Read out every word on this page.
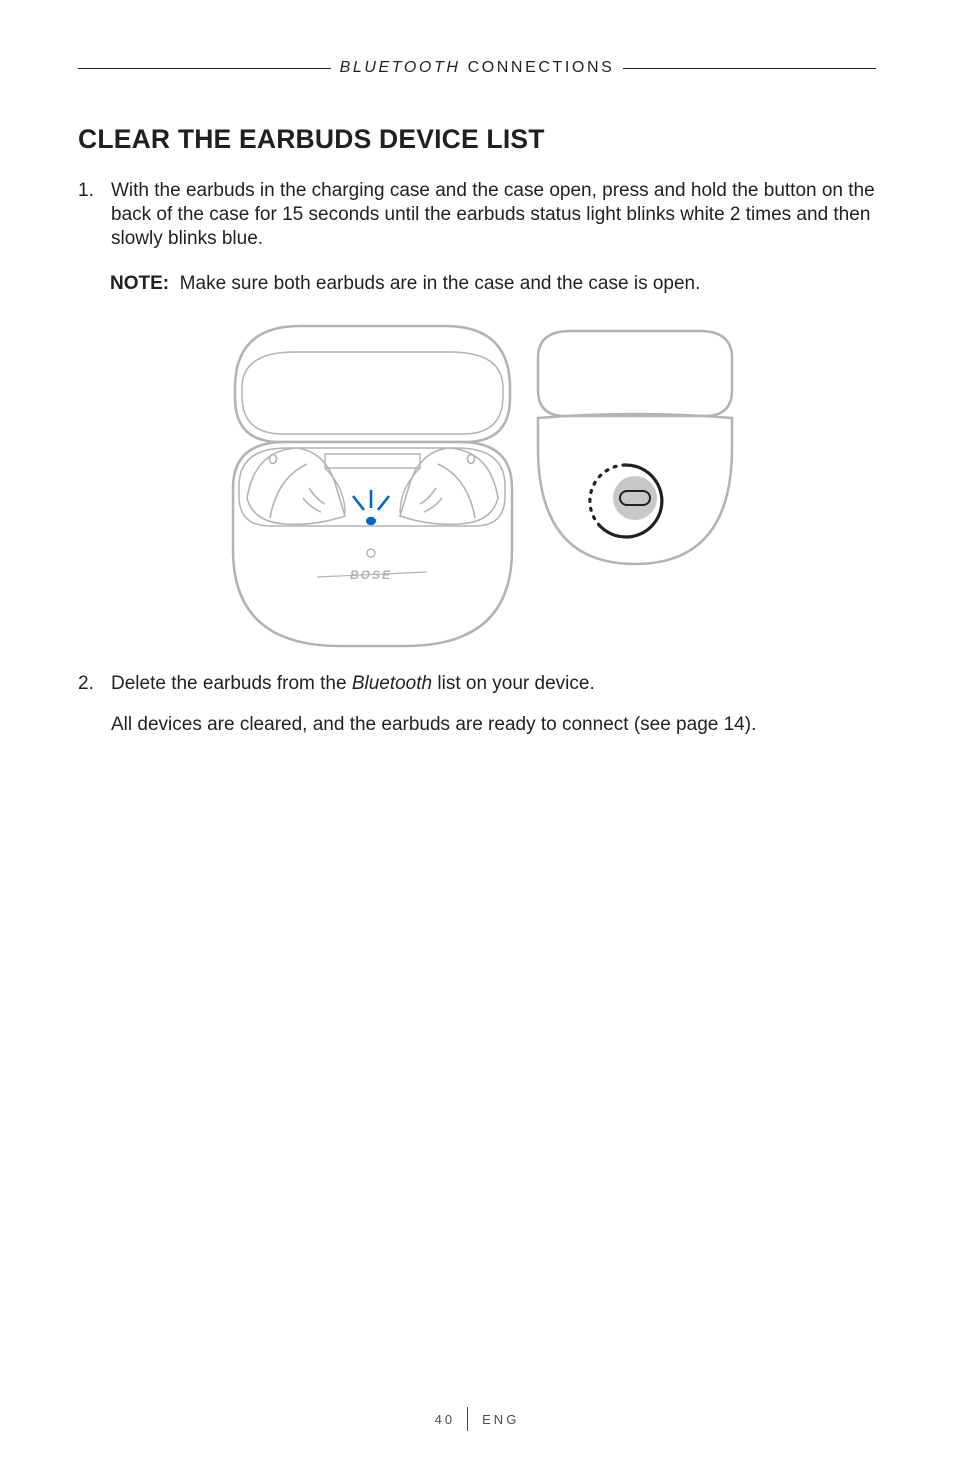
BLUETOOTH CONNECTIONS
CLEAR THE EARBUDS DEVICE LIST
1. With the earbuds in the charging case and the case open, press and hold the button on the back of the case for 15 seconds until the earbuds status light blinks white 2 times and then slowly blinks blue.
NOTE: Make sure both earbuds are in the case and the case is open.
BOSE
2. Delete the earbuds from the Bluetooth list on your device.
All devices are cleared, and the earbuds are ready to connect (see page 14).
40 ENG
